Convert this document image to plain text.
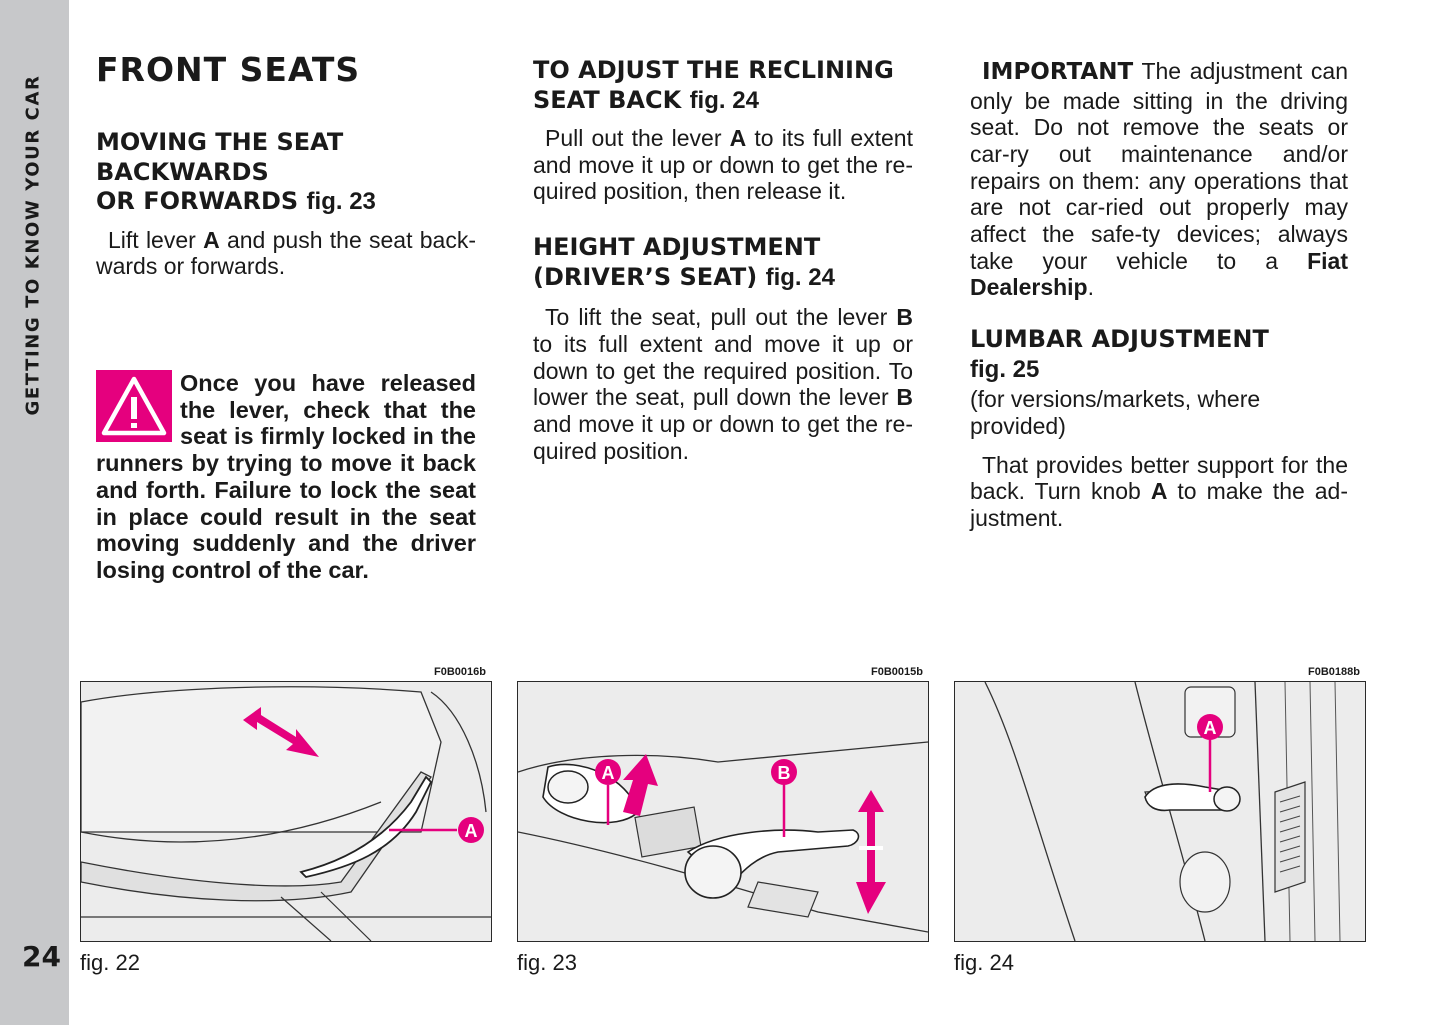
GETTING TO KNOW YOUR CAR
24
FRONT SEATS

MOVING THE SEAT
BACKWARDS
OR FORWARDS fig. 23

Lift lever A and push the seat back-wards or forwards.

Once you have released the lever, check that the seat is firmly locked in the runners by trying to move it back and forth. Failure to lock the seat in place could result in the seat moving suddenly and the driver losing control of the car.

TO ADJUST THE RECLINING
SEAT BACK fig. 24

Pull out the lever A to its full extent and move it up or down to get the re-quired position, then release it.

HEIGHT ADJUSTMENT
(DRIVER’S SEAT) fig. 24

To lift the seat, pull out the lever B to its full extent and move it up or down to get the required position. To lower the seat, pull down the lever B and move it up or down to get the re-quired position.

IMPORTANT The adjustment can only be made sitting in the driving seat. Do not remove the seats or car-ry out maintenance and/or repairs on them: any operations that are not car-ried out properly may affect the safe-ty devices; always take your vehicle to a Fiat Dealership.

LUMBAR ADJUSTMENT
fig. 25

(for versions/markets, where provided)

That provides better support for the back. Turn knob A to make the ad-justment.

F0B0016b
A
fig. 22
F0B0015b
A	B
fig. 23
F0B0188b
A
fig. 24
